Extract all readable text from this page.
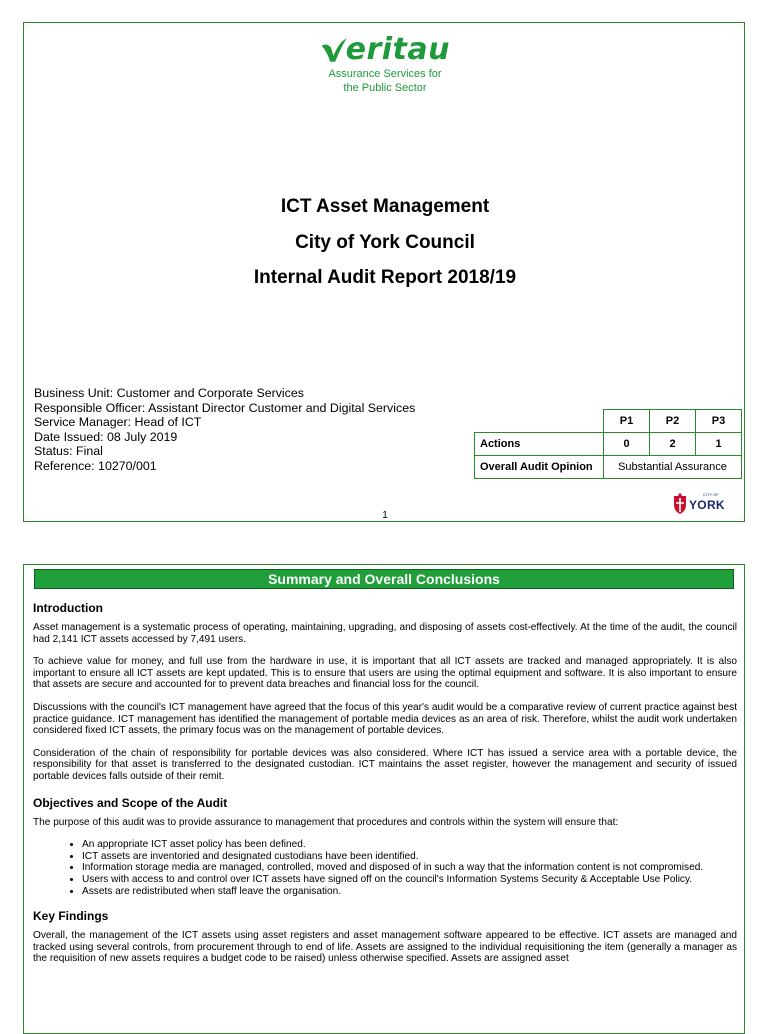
eritau
Assurance Services for
the Public Sector
ICT Asset Management
City of York Council
Internal Audit Report 2018/19
Business Unit: Customer and Corporate Services
Responsible Officer: Assistant Director Customer and Digital Services
Service Manager: Head of ICT
Date Issued: 08 July 2019
Status: Final
Reference: 10270/001
	P1	P2	P3
Actions	0	2	1
Overall Audit Opinion	Substantial Assurance		
CITY OF
YORK
1
Summary and Overall Conclusions
Introduction

Asset management is a systematic process of operating, maintaining, upgrading, and disposing of assets cost-effectively. At the time of the audit, the council had 2,141 ICT assets accessed by 7,491 users.

To achieve value for money, and full use from the hardware in use, it is important that all ICT assets are tracked and managed appropriately. It is also important to ensure all ICT assets are kept updated. This is to ensure that users are using the optimal equipment and software. It is also important to ensure that assets are secure and accounted for to prevent data breaches and financial loss for the council.

Discussions with the council's ICT management have agreed that the focus of this year's audit would be a comparative review of current practice against best practice guidance. ICT management has identified the management of portable media devices as an area of risk. Therefore, whilst the audit work undertaken considered fixed ICT assets, the primary focus was on the management of portable devices.

Consideration of the chain of responsibility for portable devices was also considered. Where ICT has issued a service area with a portable device, the responsibility for that asset is transferred to the designated custodian. ICT maintains the asset register, however the management and security of issued portable devices falls outside of their remit.

Objectives and Scope of the Audit

The purpose of this audit was to provide assurance to management that procedures and controls within the system will ensure that:

• An appropriate ICT asset policy has been defined.
• ICT assets are inventoried and designated custodians have been identified.
• Information storage media are managed, controlled, moved and disposed of in such a way that the information content is not compromised.
• Users with access to and control over ICT assets have signed off on the council's Information Systems Security & Acceptable Use Policy.
• Assets are redistributed when staff leave the organisation.
Key Findings

Overall, the management of the ICT assets using asset registers and asset management software appeared to be effective. ICT assets are managed and tracked using several controls, from procurement through to end of life. Assets are assigned to the individual requisitioning the item (generally a manager as the requisition of new assets requires a budget code to be raised) unless otherwise specified. Assets are assigned asset
